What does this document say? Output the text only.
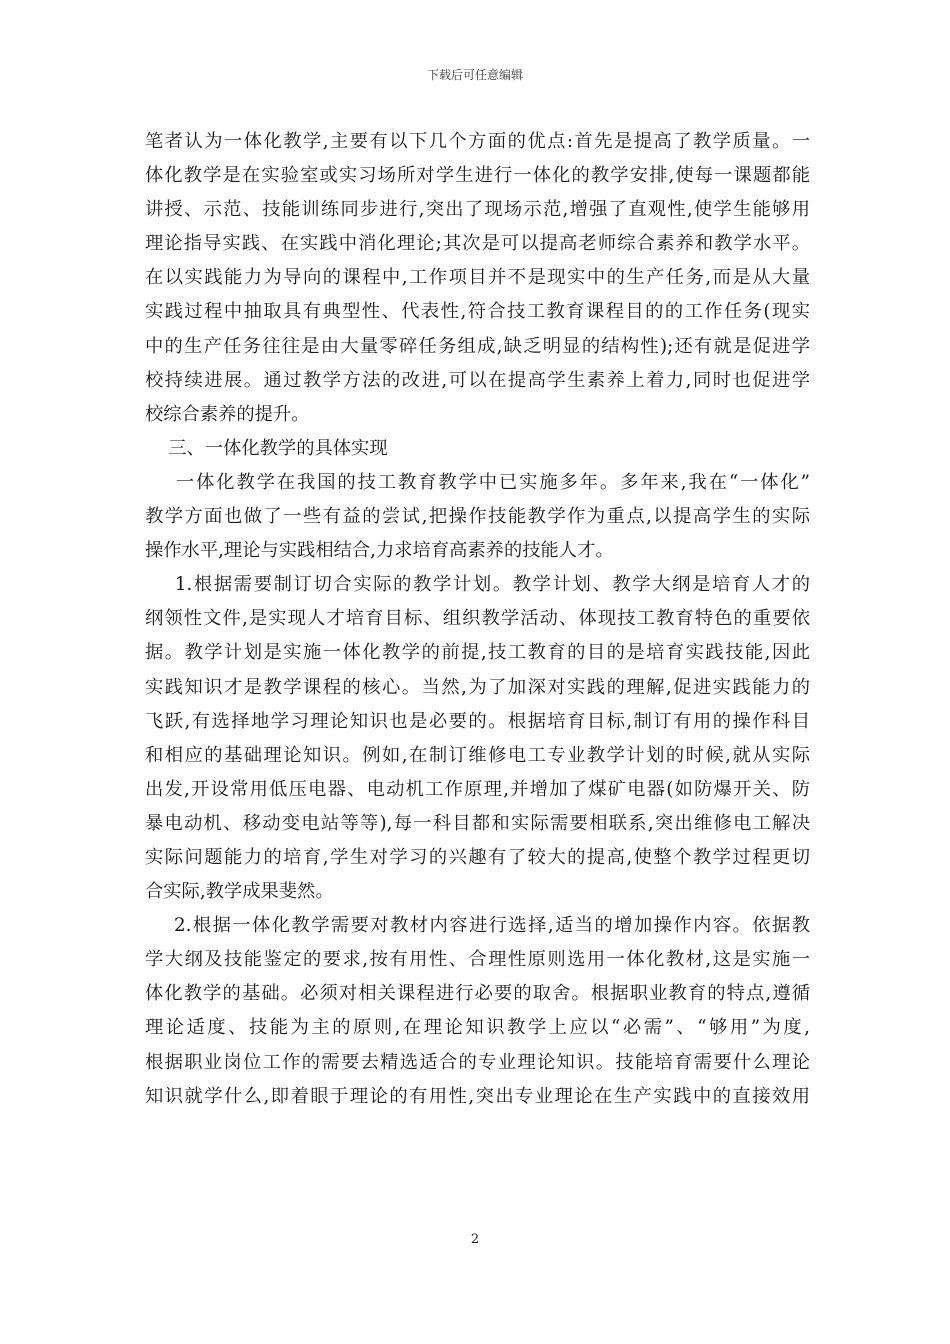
下载后可任意编辑
笔者认为一体化教学,主要有以下几个方面的优点:首先是提高了教学质量。一
体化教学是在实验室或实习场所对学生进行一体化的教学安排,使每一课题都能
讲授、示范、技能训练同步进行,突出了现场示范,增强了直观性,使学生能够用
理论指导实践、在实践中消化理论;其次是可以提高老师综合素养和教学水平。
在以实践能力为导向的课程中,工作项目并不是现实中的生产任务,而是从大量
实践过程中抽取具有典型性、代表性,符合技工教育课程目的的工作任务(现实
中的生产任务往往是由大量零碎任务组成,缺乏明显的结构性);还有就是促进学
校持续进展。通过教学方法的改进,可以在提高学生素养上着力,同时也促进学
校综合素养的提升。
三、一体化教学的具体实现
一体化教学在我国的技工教育教学中已实施多年。多年来,我在“一体化”
教学方面也做了一些有益的尝试,把操作技能教学作为重点,以提高学生的实际
操作水平,理论与实践相结合,力求培育高素养的技能人才。
1.根据需要制订切合实际的教学计划。教学计划、教学大纲是培育人才的
纲领性文件,是实现人才培育目标、组织教学活动、体现技工教育特色的重要依
据。教学计划是实施一体化教学的前提,技工教育的目的是培育实践技能,因此
实践知识才是教学课程的核心。当然,为了加深对实践的理解,促进实践能力的
飞跃,有选择地学习理论知识也是必要的。根据培育目标,制订有用的操作科目
和相应的基础理论知识。例如,在制订维修电工专业教学计划的时候,就从实际
出发,开设常用低压电器、电动机工作原理,并增加了煤矿电器(如防爆开关、防
暴电动机、移动变电站等等),每一科目都和实际需要相联系,突出维修电工解决
实际问题能力的培育,学生对学习的兴趣有了较大的提高,使整个教学过程更切
合实际,教学成果斐然。
2.根据一体化教学需要对教材内容进行选择,适当的增加操作内容。依据教
学大纲及技能鉴定的要求,按有用性、合理性原则选用一体化教材,这是实施一
体化教学的基础。必须对相关课程进行必要的取舍。根据职业教育的特点,遵循
理论适度、技能为主的原则,在理论知识教学上应以“必需”、“够用”为度,
根据职业岗位工作的需要去精选适合的专业理论知识。技能培育需要什么理论
知识就学什么,即着眼于理论的有用性,突出专业理论在生产实践中的直接效用
2
